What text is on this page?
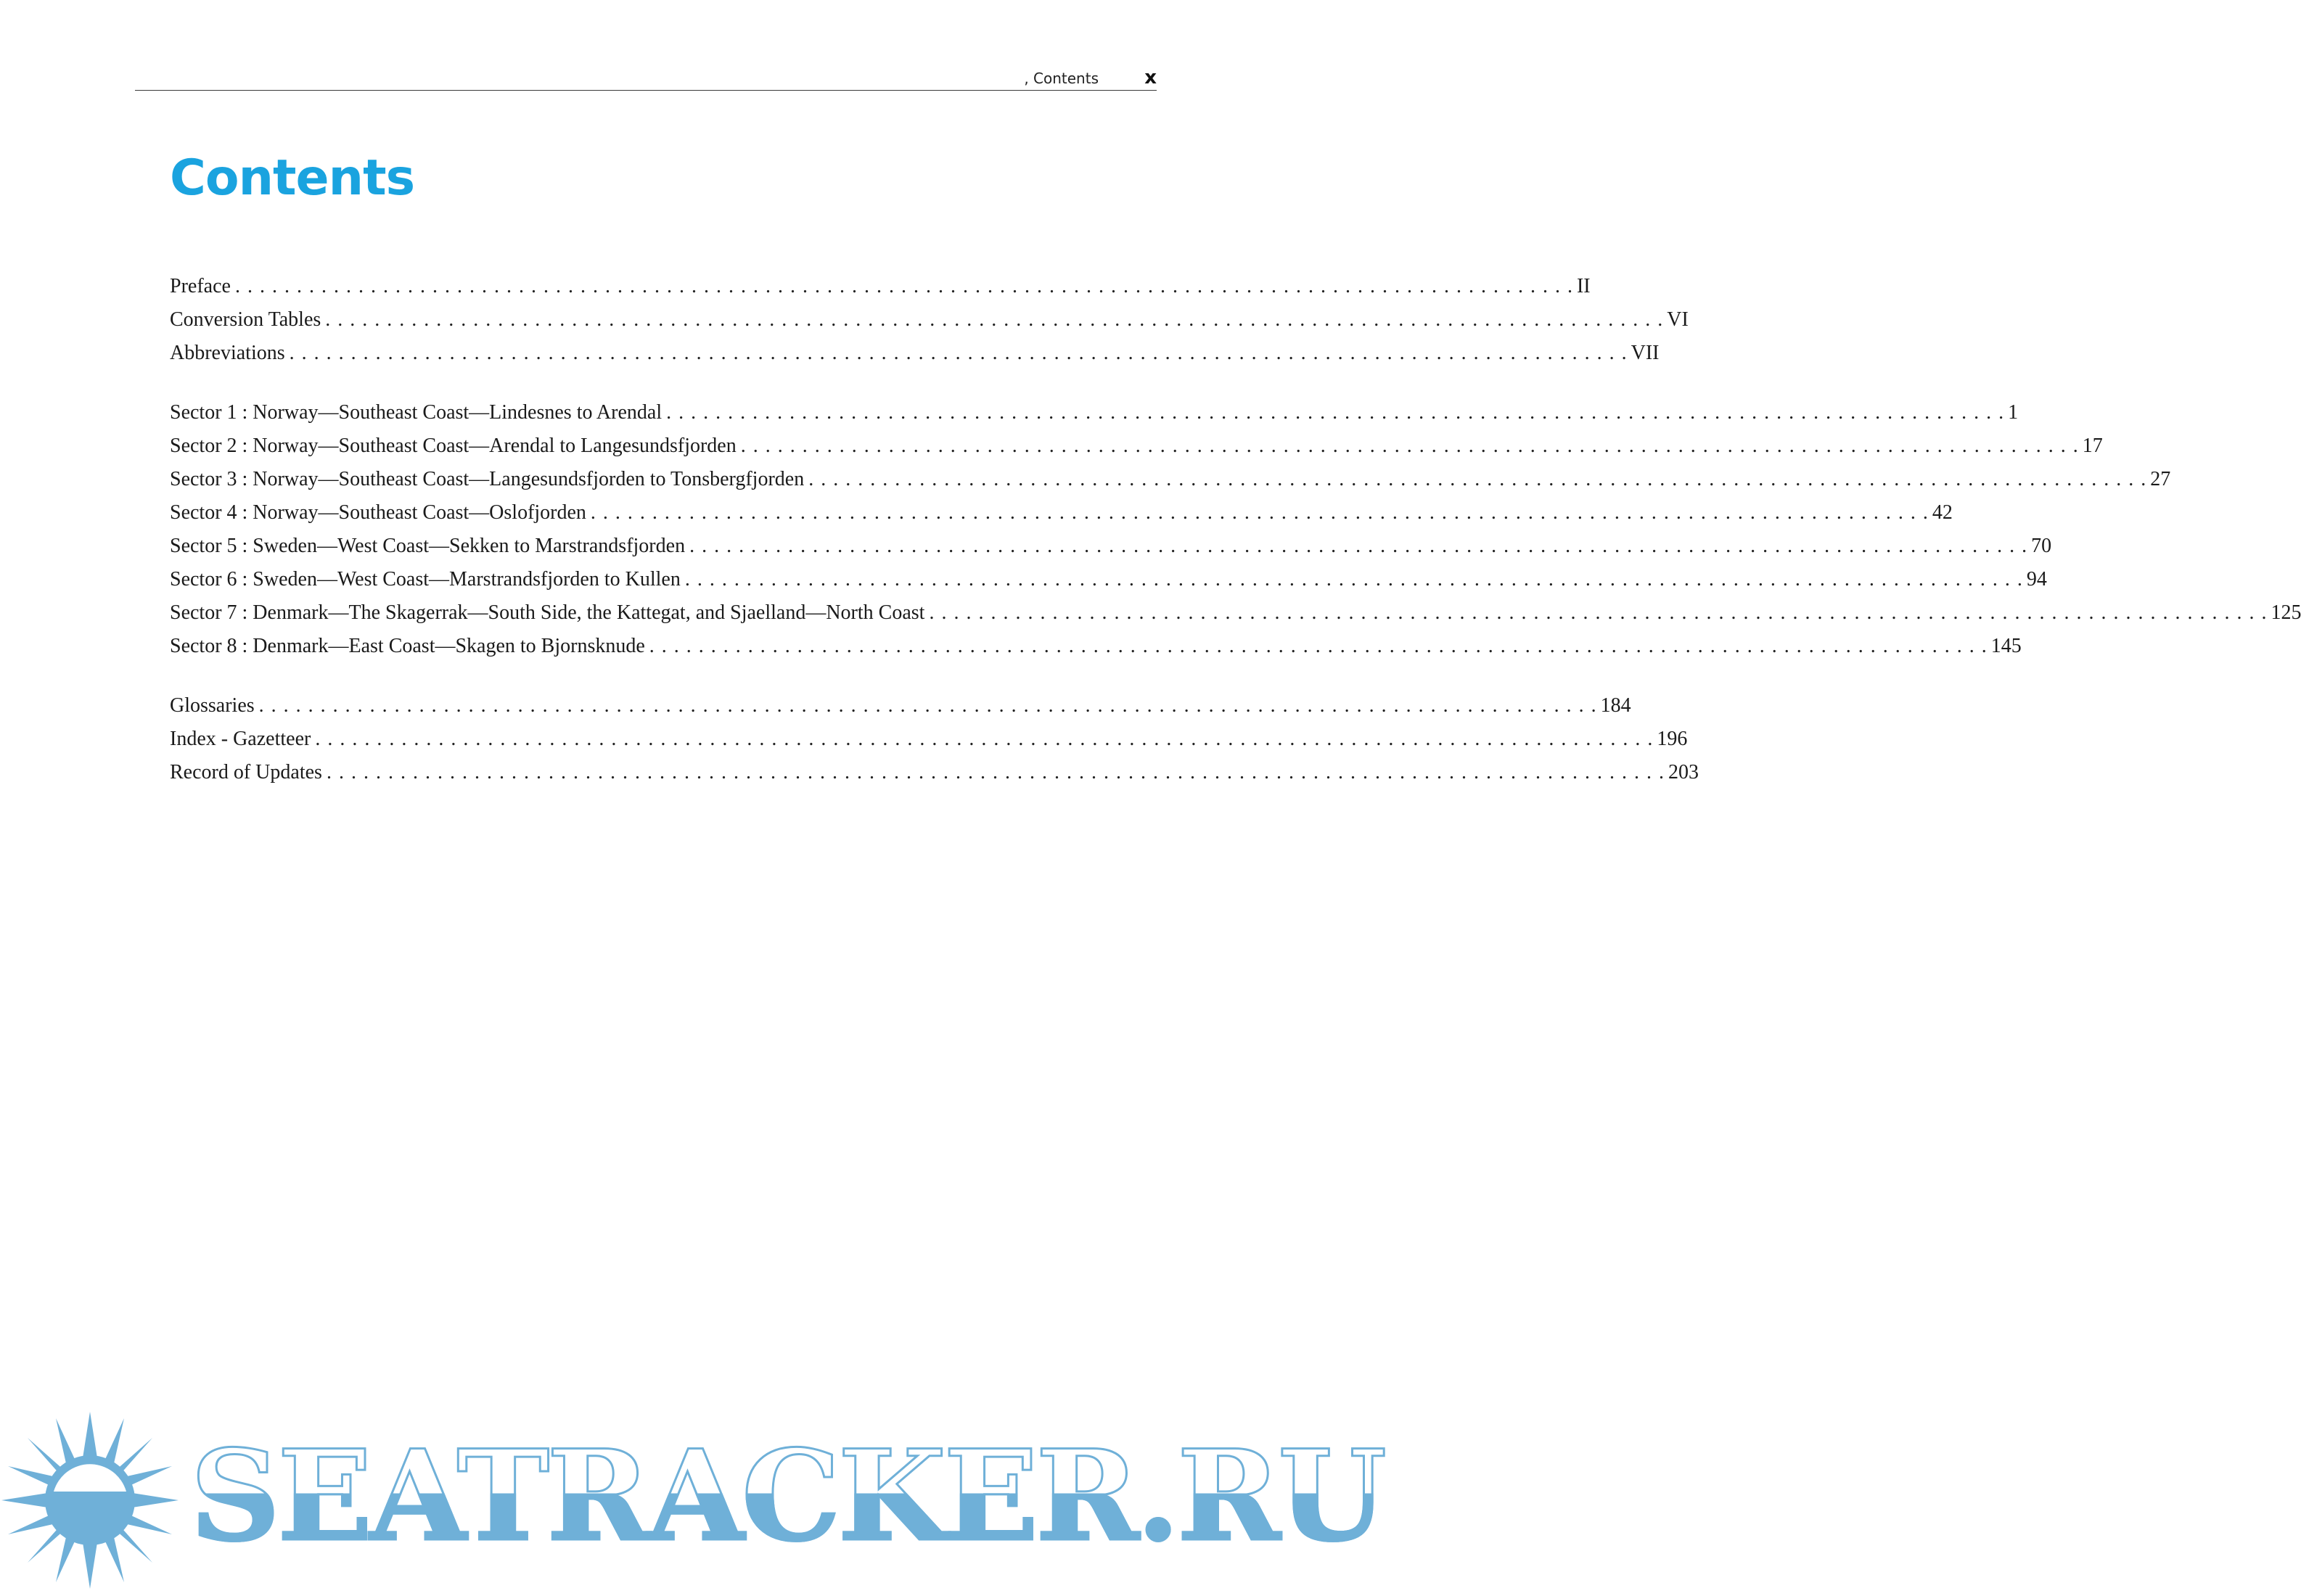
, Contents x
Contents
Preface . . .	II
Conversion Tables . . .	VI
Abbreviations . . .	VII
Sector 1 : Norway—Southeast Coast—Lindesnes to Arendal . . .	1
Sector 2 : Norway—Southeast Coast—Arendal to Langesundsfjorden . . .	17
Sector 3 : Norway—Southeast Coast—Langesundsfjorden to Tonsbergfjorden . . .	27
Sector 4 : Norway—Southeast Coast—Oslofjorden . . .	42
Sector 5 : Sweden—West Coast—Sekken to Marstrandsfjorden . . .	70
Sector 6 : Sweden—West Coast—Marstrandsfjorden to Kullen . . .	94
Sector 7 : Denmark—The Skagerrak—South Side, the Kattegat, and Sjaelland—North Coast . . .	125
Sector 8 : Denmark—East Coast—Skagen to Bjornsknude . . .	145
Glossaries . . .	184
Index - Gazetteer . . .	196
Record of Updates . . .	203
SEATRACKER.RU
